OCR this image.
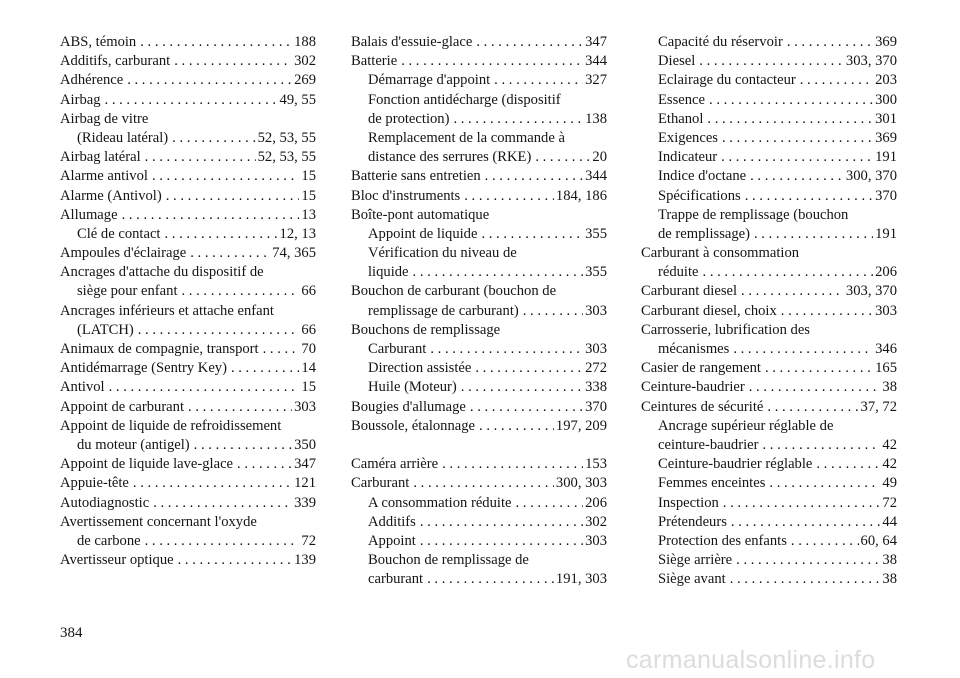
ABS, témoin . . .	188
Additifs, carburant . . .	302
Adhérence . . .	269
Airbag . . .	49, 55
Airbag de vitre
(Rideau latéral) . . .	52, 53, 55
Airbag latéral . . .	52, 53, 55
Alarme antivol . . .	15
Alarme (Antivol) . . .	15
Allumage . . .	13
Clé de contact . . .	12, 13
Ampoules d'éclairage . . .	74, 365
Ancrages d'attache du dispositif de
siège pour enfant . . .	66
Ancrages inférieurs et attache enfant
(LATCH) . . .	66
Animaux de compagnie, transport . . .	70
Antidémarrage (Sentry Key) . . .	14
Antivol . . .	15
Appoint de carburant . . .	303
Appoint de liquide de refroidissement
du moteur (antigel) . . .	350
Appoint de liquide lave-glace . . .	347
Appuie-tête . . .	121
Autodiagnostic . . .	339
Avertissement concernant l'oxyde
de carbone . . .	72
Avertisseur optique . . .	139
Balais d'essuie-glace . . .	347
Batterie . . .	344
Démarrage d'appoint . . .	327
Fonction antidécharge (dispositif
de protection) . . .	138
Remplacement de la commande à
distance des serrures (RKE) . . .	20
Batterie sans entretien . . .	344
Bloc d'instruments . . .	184, 186
Boîte-pont automatique
Appoint de liquide . . .	355
Vérification du niveau de
liquide . . .	355
Bouchon de carburant (bouchon de
remplissage de carburant) . . .	303
Bouchons de remplissage
Carburant . . .	303
Direction assistée . . .	272
Huile (Moteur) . . .	338
Bougies d'allumage . . .	370
Boussole, étalonnage . . .	197, 209
Caméra arrière . . .	153
Carburant . . .	300, 303
A consommation réduite . . .	206
Additifs . . .	302
Appoint . . .	303
Bouchon de remplissage de
carburant . . .	191, 303
Capacité du réservoir . . .	369
Diesel . . .	303, 370
Eclairage du contacteur . . .	203
Essence . . .	300
Ethanol . . .	301
Exigences . . .	369
Indicateur . . .	191
Indice d'octane . . .	300, 370
Spécifications . . .	370
Trappe de remplissage (bouchon
de remplissage) . . .	191
Carburant à consommation
réduite . . .	206
Carburant diesel . . .	303, 370
Carburant diesel, choix . . .	303
Carrosserie, lubrification des
mécanismes . . .	346
Casier de rangement . . .	165
Ceinture-baudrier . . .	38
Ceintures de sécurité . . .	37, 72
Ancrage supérieur réglable de
ceinture-baudrier . . .	42
Ceinture-baudrier réglable . . .	42
Femmes enceintes . . .	49
Inspection . . .	72
Prétendeurs . . .	44
Protection des enfants . . .	60, 64
Siège arrière . . .	38
Siège avant . . .	38
384
carmanualsonline.info
